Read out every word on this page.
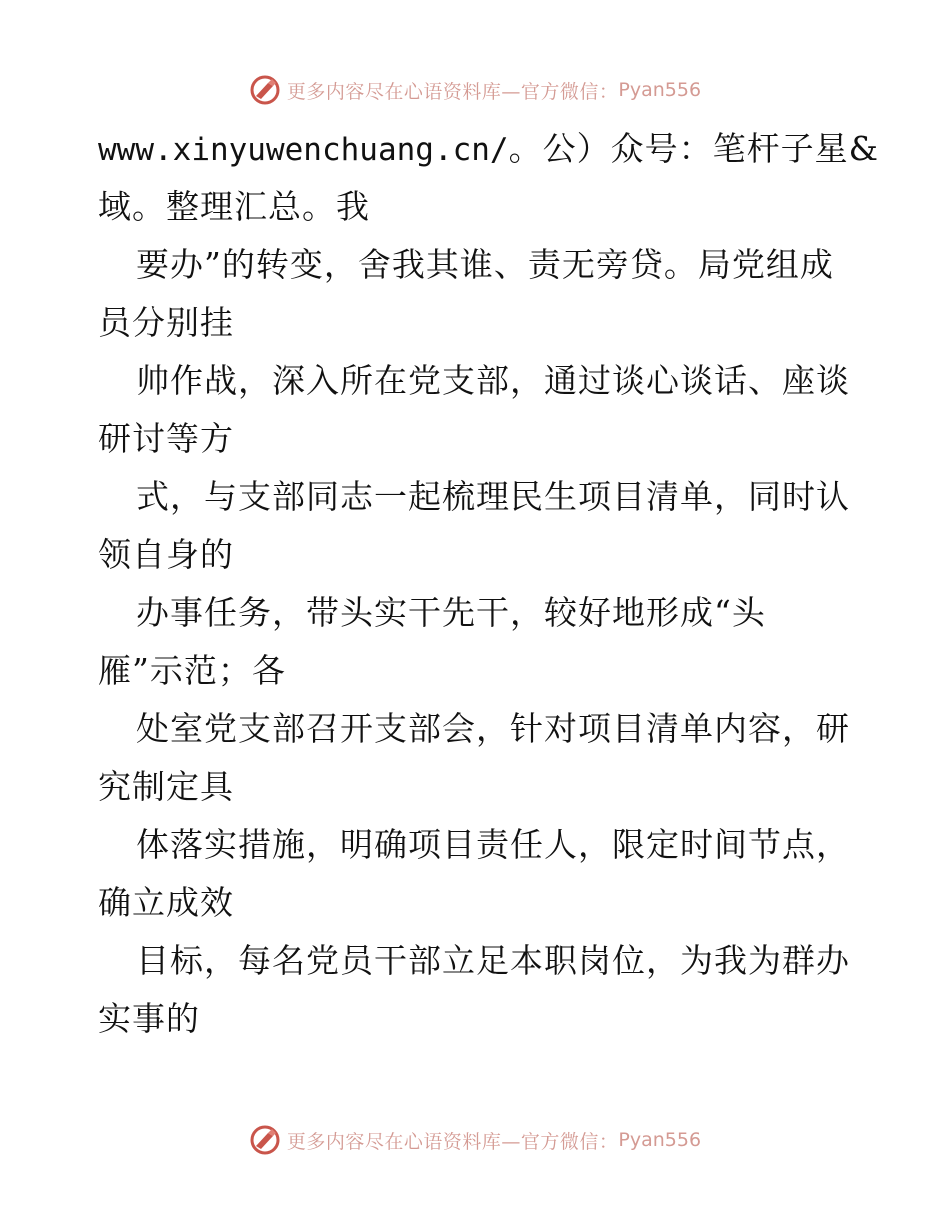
更多内容尽在心语资料库—官方微信： Pyan556
www.xinyuwenchuang.cn/。公）众号：笔杆子星&
域。整理汇总。我
要办”的转变，舍我其谁、责无旁贷。局党组成
员分别挂
帅作战，深入所在党支部，通过谈心谈话、座谈
研讨等方
式，与支部同志一起梳理民生项目清单，同时认
领自身的
办事任务，带头实干先干，较好地形成“头
雁”示范；各
处室党支部召开支部会，针对项目清单内容，研
究制定具
体落实措施，明确项目责任人，限定时间节点，
确立成效
目标，每名党员干部立足本职岗位，为我为群办
实事的
更多内容尽在心语资料库—官方微信： Pyan556
